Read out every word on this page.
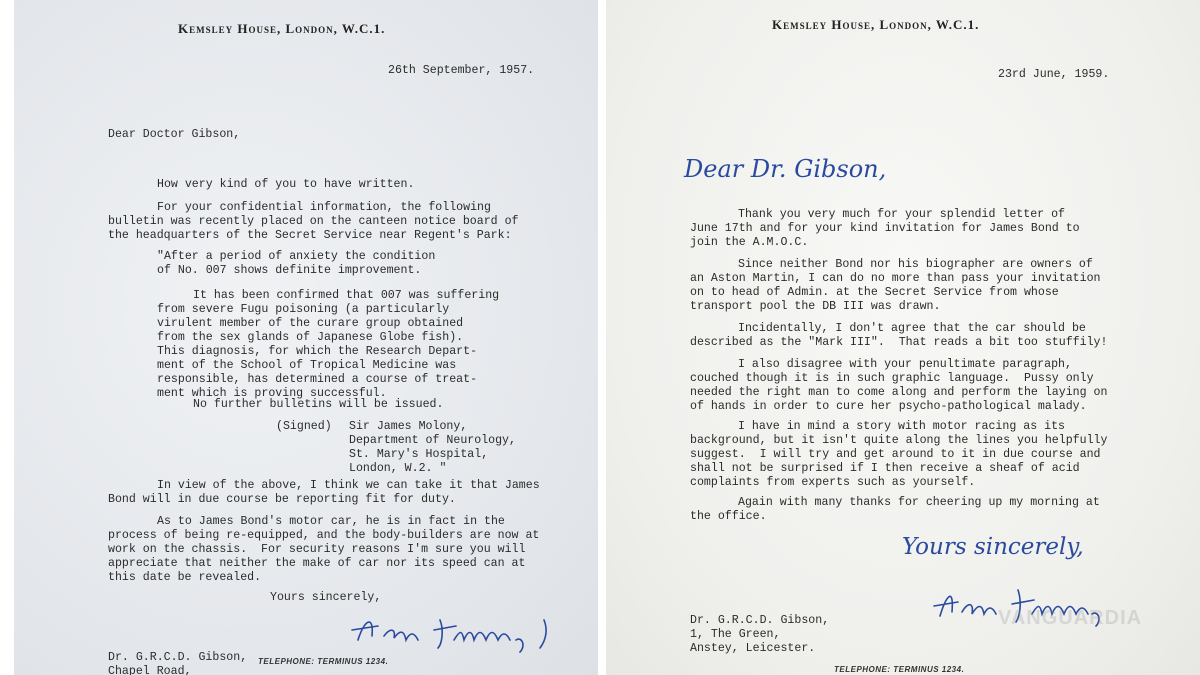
Kemsley House, London, W.C.1.
26th September, 1957.
Dear Doctor Gibson,
How very kind of you to have written.
For your confidential information, the following
bulletin was recently placed on the canteen notice board of
the headquarters of the Secret Service near Regent's Park:
"After a period of anxiety the condition
of No. 007 shows definite improvement.
It has been confirmed that 007 was suffering
from severe Fugu poisoning (a particularly
virulent member of the curare group obtained
from the sex glands of Japanese Globe fish).
This diagnosis, for which the Research Depart-
ment of the School of Tropical Medicine was
responsible, has determined a course of treat-
ment which is proving successful.
No further bulletins will be issued.
(Signed) Sir James Molony,
Department of Neurology,
St. Mary's Hospital,
London, W.2. "
In view of the above, I think we can take it that James
Bond will in due course be reporting fit for duty.
As to James Bond's motor car, he is in fact in the
process of being re-equipped, and the body-builders are now at
work on the chassis.  For security reasons I'm sure you will
appreciate that neither the make of car nor its speed can at
this date be revealed.
Yours sincerely,
Dr. G.R.C.D. Gibson, TELEPHONE: TERMINUS 1234.
Chapel Road,
Kemsley House, London, W.C.1.
23rd June, 1959.
Dear Dr. Gibson,
Thank you very much for your splendid letter of
June 17th and for your kind invitation for James Bond to
join the A.M.O.C.
Since neither Bond nor his biographer are owners of
an Aston Martin, I can do no more than pass your invitation
on to head of Admin. at the Secret Service from whose
transport pool the DB III was drawn.
Incidentally, I don't agree that the car should be
described as the "Mark III".  That reads a bit too stuffily!
I also disagree with your penultimate paragraph,
couched though it is in such graphic language.  Pussy only
needed the right man to come along and perform the laying on
of hands in order to cure her psycho-pathological malady.
I have in mind a story with motor racing as its
background, but it isn't quite along the lines you helpfully
suggest.  I will try and get around to it in due course and
shall not be surprised if I then receive a sheaf of acid
complaints from experts such as yourself.
Again with many thanks for cheering up my morning at
the office.
Yours sincerely,
VANGUARDIA
Dr. G.R.C.D. Gibson,
1, The Green,
Anstey, Leicester.
TELEPHONE: TERMINUS 1234.
